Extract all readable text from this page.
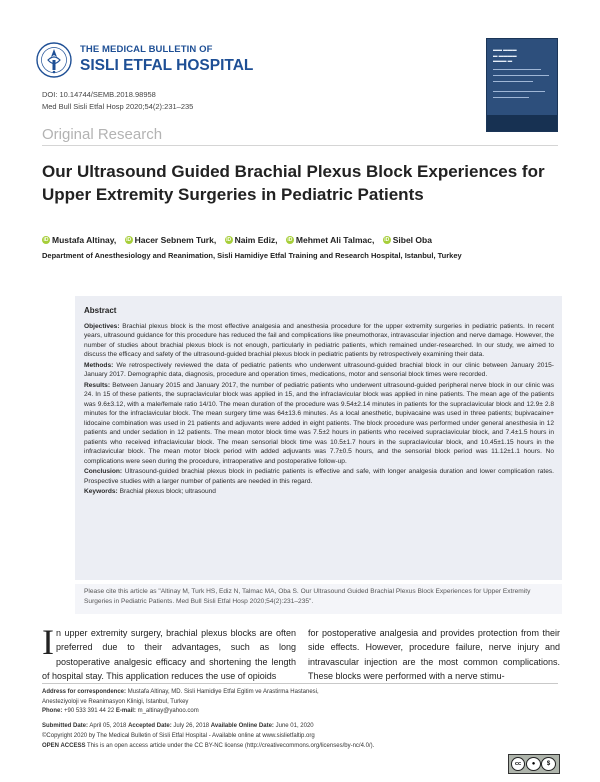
THE MEDICAL BULLETIN OF
SISLI ETFAL HOSPITAL
DOI: 10.14744/SEMB.2018.98958
Med Bull Sisli Etfal Hosp 2020;54(2):231–235
▬▬ ▬▬▬
▬ ▬▬▬▬
▬▬▬ ▬
Original Research
Our Ultrasound Guided Brachial Plexus Block Experiences for Upper Extremity Surgeries in Pediatric Patients
iD Mustafa Altinay,
	iD Hacer Sebnem Turk,
	iD Naim Ediz,
	iD Mehmet Ali Talmac,
	iD Sibel Oba
Department of Anesthesiology and Reanimation, Sisli Hamidiye Etfal Training and Research Hospital, Istanbul, Turkey
Abstract

Objectives: Brachial plexus block is the most effective analgesia and anesthesia procedure for the upper extremity surgeries in pediatric patients. In recent years, ultrasound guidance for this procedure has reduced the fail and complications like pneumothorax, intravascular injection and nerve damage. However, the number of studies about brachial plexus block is not enough, particularly in pediatric patients, which remained under-researched. In our study, we aimed to discuss the efficacy and safety of the ultrasound-guided brachial plexus block in pediatric patients by retrospectively examining their data.

Methods: We retrospectively reviewed the data of pediatric patients who underwent ultrasound-guided brachial block in our clinic between January 2015-January 2017. Demographic data, diagnosis, procedure and operation times, medications, motor and sensorial block times were recorded.

Results: Between January 2015 and January 2017, the number of pediatric patients who underwent ultrasound-guided peripheral nerve block in our clinic was 24. In 15 of these patients, the supraclavicular block was applied in 15, and the infraclavicular block was applied in nine patients. The mean age of the patients was 9.6±3.12, with a male/female ratio 14/10. The mean duration of the procedure was 9.54±2.14 minutes in patients for the supraclavicular block and 12.9± 2.8 minutes for the infraclavicular block. The mean surgery time was 64±13.6 minutes. As a local anesthetic, bupivacaine was used in three patients; bupivacaine+ lidocaine combination was used in 21 patients and adjuvants were added in eight patients. The block procedure was performed under general anesthesia in 12 patients and under sedation in 12 patients. The mean motor block time was 7.5±2 hours in patients who received supraclavicular block, and 7.4±1.5 hours in patients who received infraclavicular block. The mean sensorial block time was 10.5±1.7 hours in the supraclavicular block, and 10.45±1.15 hours in the infraclavicular block. The mean motor block period with added adjuvants was 7.7±0.5 hours, and the sensorial block period was 11.12±1.1 hours. No complications were seen during the procedure, intraoperative and postoperative follow-up.

Conclusion: Ultrasound-guided brachial plexus block in pediatric patients is effective and safe, with longer analgesia duration and lower complication rates. Prospective studies with a larger number of patients are needed in this regard.

Keywords: Brachial plexus block; ultrasound

Please cite this article as "Altinay M, Turk HS, Ediz N, Talmac MA, Oba S. Our Ultrasound Guided Brachial Plexus Block Experiences for Upper Extremity Surgeries in Pediatric Patients. Med Bull Sisli Etfal Hosp 2020;54(2):231–235".
In upper extremity surgery, brachial plexus blocks are often preferred due to their advantages, such as long postoperative analgesic efficacy and shortening the length of hospital stay. This application reduces the use of opioids
for postoperative analgesia and provides protection from their side effects. However, procedure failure, nerve injury and intravascular injection are the most common complications. These blocks were performed with a nerve stimu-
Address for correspondence: Mustafa Altinay, MD. Sisli Hamidiye Etfal Egitim ve Arastirma Hastanesi,
Anesteziyoloji ve Reanimasyon Klinigi, Istanbul, Turkey
Phone: +90 533 391 44 22 E-mail: m_altinay@yahoo.com
Submitted Date: April 05, 2018 Accepted Date: July 26, 2018 Available Online Date: June 01, 2020
©Copyright 2020 by The Medical Bulletin of Sisli Etfal Hospital - Available online at www.sislietfaltip.org
OPEN ACCESS This is an open access article under the CC BY-NC license (http://creativecommons.org/licenses/by-nc/4.0/).
cc	●	$
